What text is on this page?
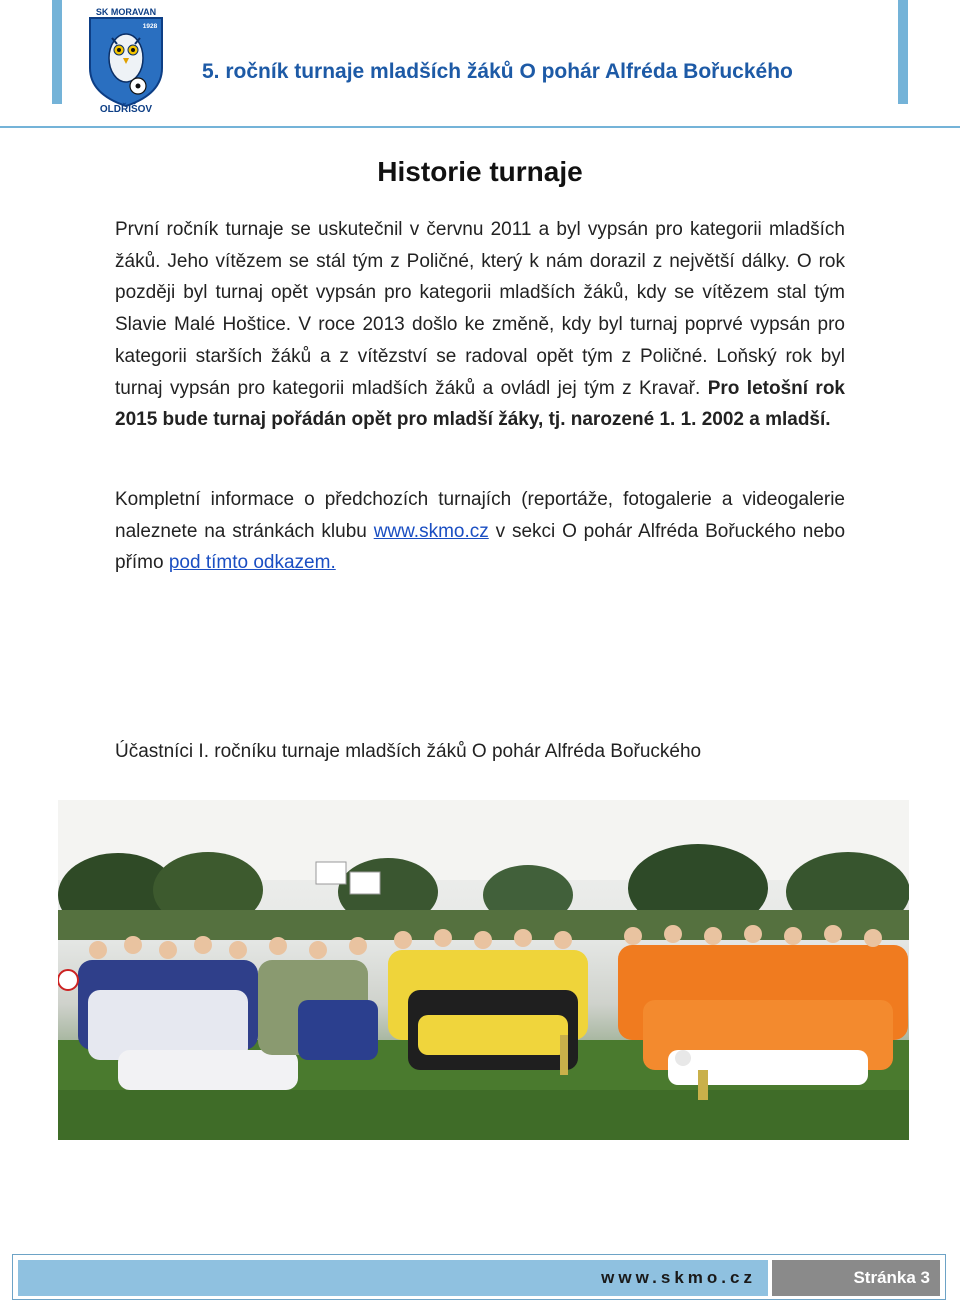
SK MORAVAN
1928
OLDŘIŠOV
5. ročník turnaje mladších žáků O pohár Alfréda Bořuckého
Historie turnaje
První ročník turnaje se uskutečnil v červnu 2011 a byl vypsán pro kategorii mladších žáků. Jeho vítězem se stál tým z Poličné, který k nám dorazil z největší dálky. O rok později byl turnaj opět vypsán pro kategorii mladších žáků, kdy se vítězem stal tým Slavie Malé Hoštice. V roce 2013 došlo ke změně, kdy byl turnaj poprvé vypsán pro kategorii starších žáků a z vítězství se radoval opět tým z Poličné. Loňský rok byl turnaj vypsán pro kategorii mladších žáků a ovládl jej tým z Kravař. Pro letošní rok 2015 bude turnaj pořádán opět pro mladší žáky, tj. narozené 1. 1. 2002 a mladší.
Kompletní informace o předchozích turnajích (reportáže, fotogalerie a videogalerie naleznete na stránkách klubu www.skmo.cz v sekci O pohár Alfréda Bořuckého nebo přímo pod tímto odkazem.
Účastníci I. ročníku turnaje mladších žáků O pohár Alfréda Bořuckého
www.skmo.cz	Stránka 3
